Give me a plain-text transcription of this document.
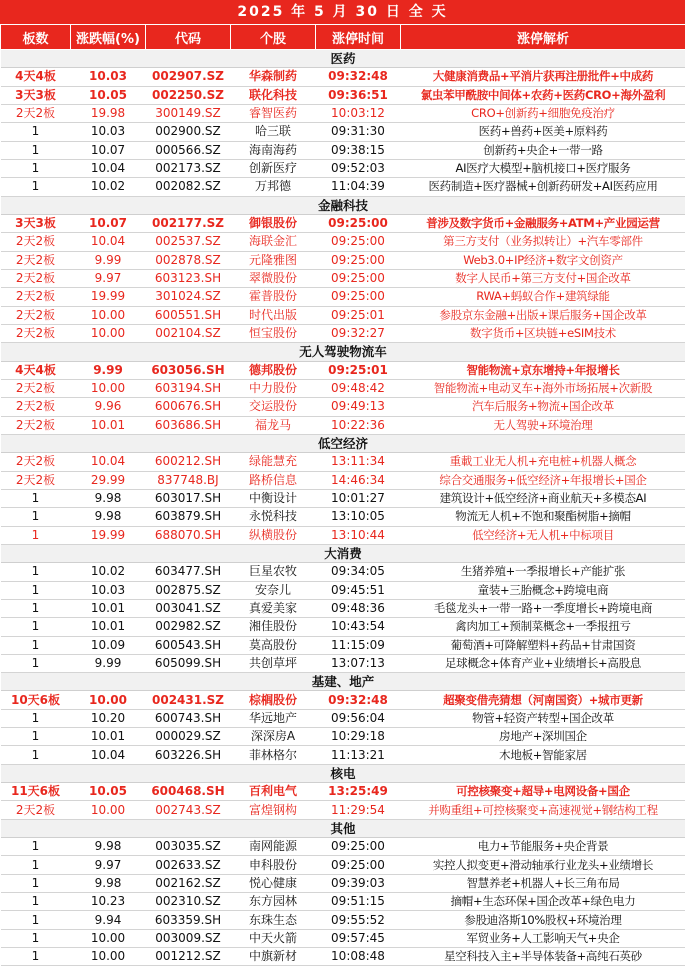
2025 年 5 月 30 日 全 天
板数	涨跌幅(%)	代码	个股	涨停时间	涨停解析
医药					
4天4板	10.03	002907.SZ	华森制药	09:32:48	大健康消费品+平消片获再注册批件+中成药
3天3板	10.05	002250.SZ	联化科技	09:36:51	氯虫苯甲酰胺中间体+农药+医药CRO+海外盈利
2天2板	19.98	300149.SZ	睿智医药	10:03:12	CRO+创新药+细胞免疫治疗
1	10.03	002900.SZ	哈三联	09:31:30	医药+兽药+医美+原料药
1	10.07	000566.SZ	海南海药	09:38:15	创新药+央企+一带一路
1	10.04	002173.SZ	创新医疗	09:52:03	AI医疗大模型+脑机接口+医疗服务
1	10.02	002082.SZ	万邦德	11:04:39	医药制造+医疗器械+创新药研发+AI医药应用
金融科技					
3天3板	10.07	002177.SZ	御银股份	09:25:00	普涉及数字货币+金融服务+ATM+产业园运营
2天2板	10.04	002537.SZ	海联金汇	09:25:00	第三方支付（业务拟转让）+汽车零部件
2天2板	9.99	002878.SZ	元隆雅图	09:25:00	Web3.0+IP经济+数字文创资产
2天2板	9.97	603123.SH	翠微股份	09:25:00	数字人民币+第三方支付+国企改革
2天2板	19.99	301024.SZ	霍普股份	09:25:00	RWA+蚂蚁合作+建筑绿能
2天2板	10.00	600551.SH	时代出版	09:25:01	参股京东金融+出版+课后服务+国企改革
2天2板	10.00	002104.SZ	恒宝股份	09:32:27	数字货币+区块链+eSIM技术
无人驾驶物流车					
4天4板	9.99	603056.SH	德邦股份	09:25:01	智能物流+京东增持+年报增长
2天2板	10.00	603194.SH	中力股份	09:48:42	智能物流+电动叉车+海外市场拓展+次新股
2天2板	9.96	600676.SH	交运股份	09:49:13	汽车后服务+物流+国企改革
2天2板	10.01	603686.SH	福龙马	10:22:36	无人驾驶+环境治理
低空经济					
2天2板	10.04	600212.SH	绿能慧充	13:11:34	重載工业无人机+充电桩+机器人概念
2天2板	29.99	837748.BJ	路桥信息	14:46:34	综合交通服务+低空经济+年报增长+国企
1	9.98	603017.SH	中衡设计	10:01:27	建筑设计+低空经济+商业航天+多模态AI
1	9.98	603879.SH	永悦科技	13:10:05	物流无人机+不饱和聚酯树脂+摘帽
1	19.99	688070.SH	纵横股份	13:10:44	低空经济+无人机+中标项目
大消费					
1	10.02	603477.SH	巨星农牧	09:34:05	生猪养殖+一季报增长+产能扩张
1	10.03	002875.SZ	安奈儿	09:45:51	童装+三胎概念+跨境电商
1	10.01	003041.SZ	真爱美家	09:48:36	毛毯龙头+一带一路+一季度增长+跨境电商
1	10.01	002982.SZ	湘佳股份	10:43:54	禽肉加工+预制菜概念+一季报扭亏
1	10.09	600543.SH	莫高股份	11:15:09	葡萄酒+可降解塑料+药品+甘肃国资
1	9.99	605099.SH	共创草坪	13:07:13	足球概念+体育产业+业绩增长+高股息
基建、地产					
10天6板	10.00	002431.SZ	棕榈股份	09:32:48	超聚变借壳猜想（河南国资）+城市更新
1	10.20	600743.SH	华远地产	09:56:04	物管+轻资产转型+国企改革
1	10.01	000029.SZ	深深房A	10:29:18	房地产+深圳国企
1	10.04	603226.SH	菲林格尔	11:13:21	木地板+智能家居
核电					
11天6板	10.05	600468.SH	百利电气	13:25:49	可控核聚变+超导+电网设备+国企
2天2板	10.00	002743.SZ	富煌钢构	11:29:54	并购重组+可控核聚变+高速视觉+钢结构工程
其他					
1	9.98	003035.SZ	南网能源	09:25:00	电力+节能服务+央企背景
1	9.97	002633.SZ	申科股份	09:25:00	实控人拟变更+滑动轴承行业龙头+业绩增长
1	9.98	002162.SZ	悦心健康	09:39:03	智慧养老+机器人+长三角布局
1	10.23	002310.SZ	东方园林	09:51:15	摘帽+生态环保+国企改革+绿色电力
1	9.94	603359.SH	东珠生态	09:55:52	参股迪洛斯10%股权+环境治理
1	10.00	003009.SZ	中天火箭	09:57:45	军贸业务+人工影响天气+央企
1	10.00	001212.SZ	中旗新材	10:08:48	星空科技入主+半导体装备+高纯石英砂
